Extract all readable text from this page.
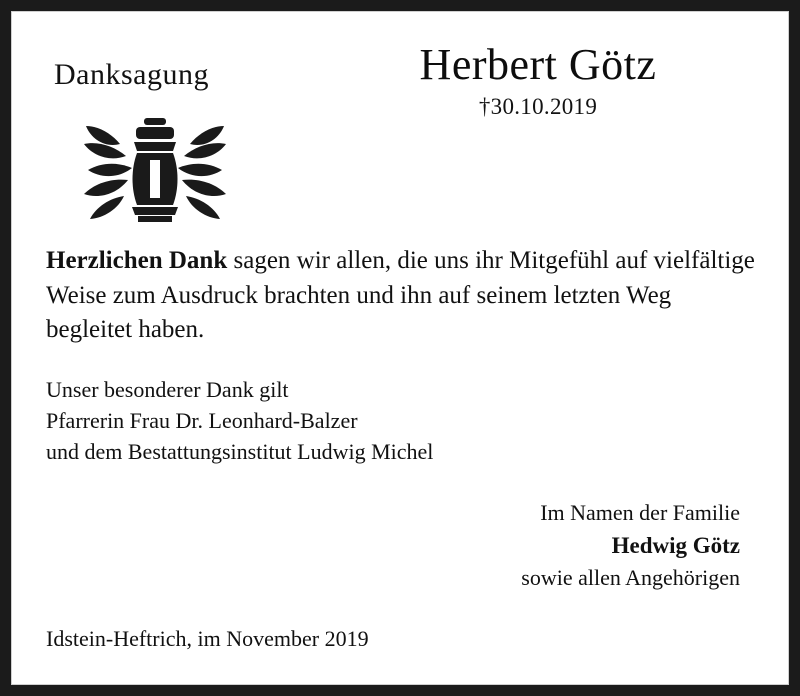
Danksagung	Herbert Götz
†30.10.2019
Herzlichen Dank sagen wir allen, die uns ihr Mitgefühl auf vielfältige Weise zum Ausdruck brachten und ihn auf seinem letzten Weg begleitet haben.
Unser besonderer Dank gilt
Pfarrerin Frau Dr. Leonhard-Balzer
und dem Bestattungsinstitut Ludwig Michel
Im Namen der Familie
Hedwig Götz
sowie allen Angehörigen
Idstein-Heftrich, im November 2019
